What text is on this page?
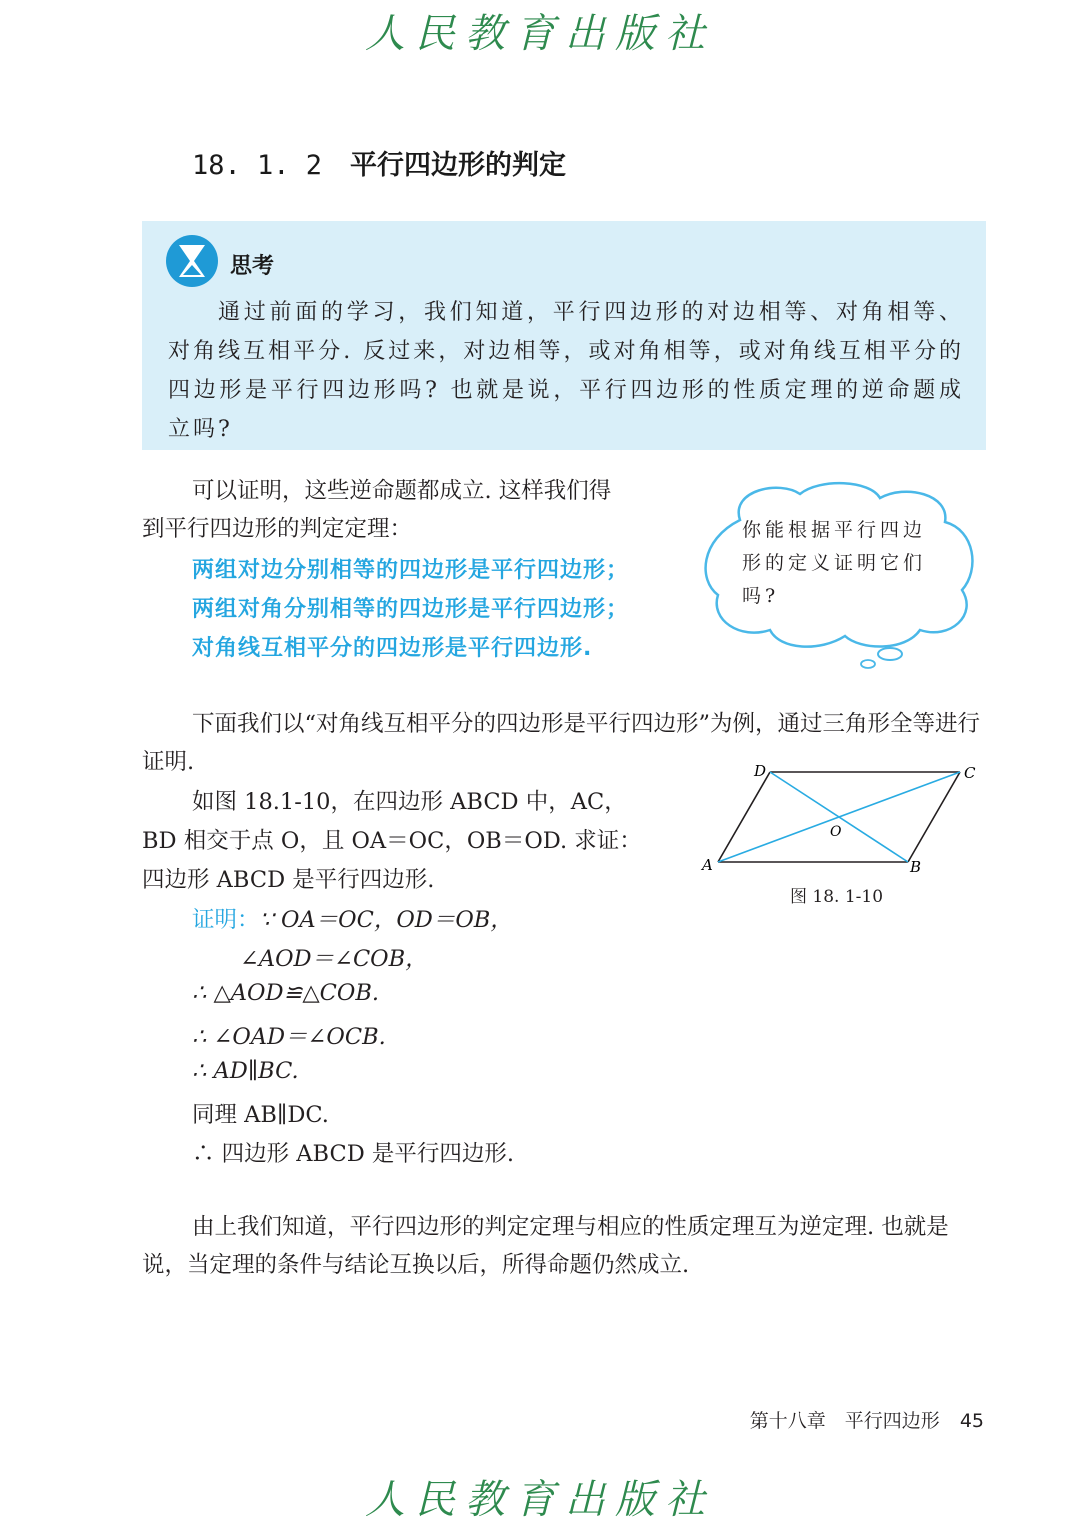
人民教育出版社
18. 1. 2 平行四边形的判定
思考
通过前面的学习，我们知道，平行四边形的对边相等、对角相等、对角线互相平分. 反过来，对边相等，或对角相等，或对角线互相平分的四边形是平行四边形吗? 也就是说，平行四边形的性质定理的逆命题成立吗?
可以证明，这些逆命题都成立. 这样我们得
到平行四边形的判定定理：
两组对边分别相等的四边形是平行四边形；
两组对角分别相等的四边形是平行四边形；
对角线互相平分的四边形是平行四边形.
你能根据平行四边形的定义证明它们吗?
下面我们以“对角线互相平分的四边形是平行四边形”为例，通过三角形全等进行证明.
如图 18.1-10，在四边形 ABCD 中，AC，
BD 相交于点 O，且 OA＝OC，OB＝OD. 求证：
四边形 ABCD 是平行四边形.
A	B
C
D
O
图 18. 1-10
证明：∵ OA＝OC，OD＝OB，
∠AOD＝∠COB，
∴ △AOD≌△COB.
∴ ∠OAD＝∠OCB.
∴ AD∥BC.
同理 AB∥DC.
∴ 四边形 ABCD 是平行四边形.
由上我们知道，平行四边形的判定定理与相应的性质定理互为逆定理. 也就是说，当定理的条件与结论互换以后，所得命题仍然成立.
第十八章　平行四边形 45
人民教育出版社
